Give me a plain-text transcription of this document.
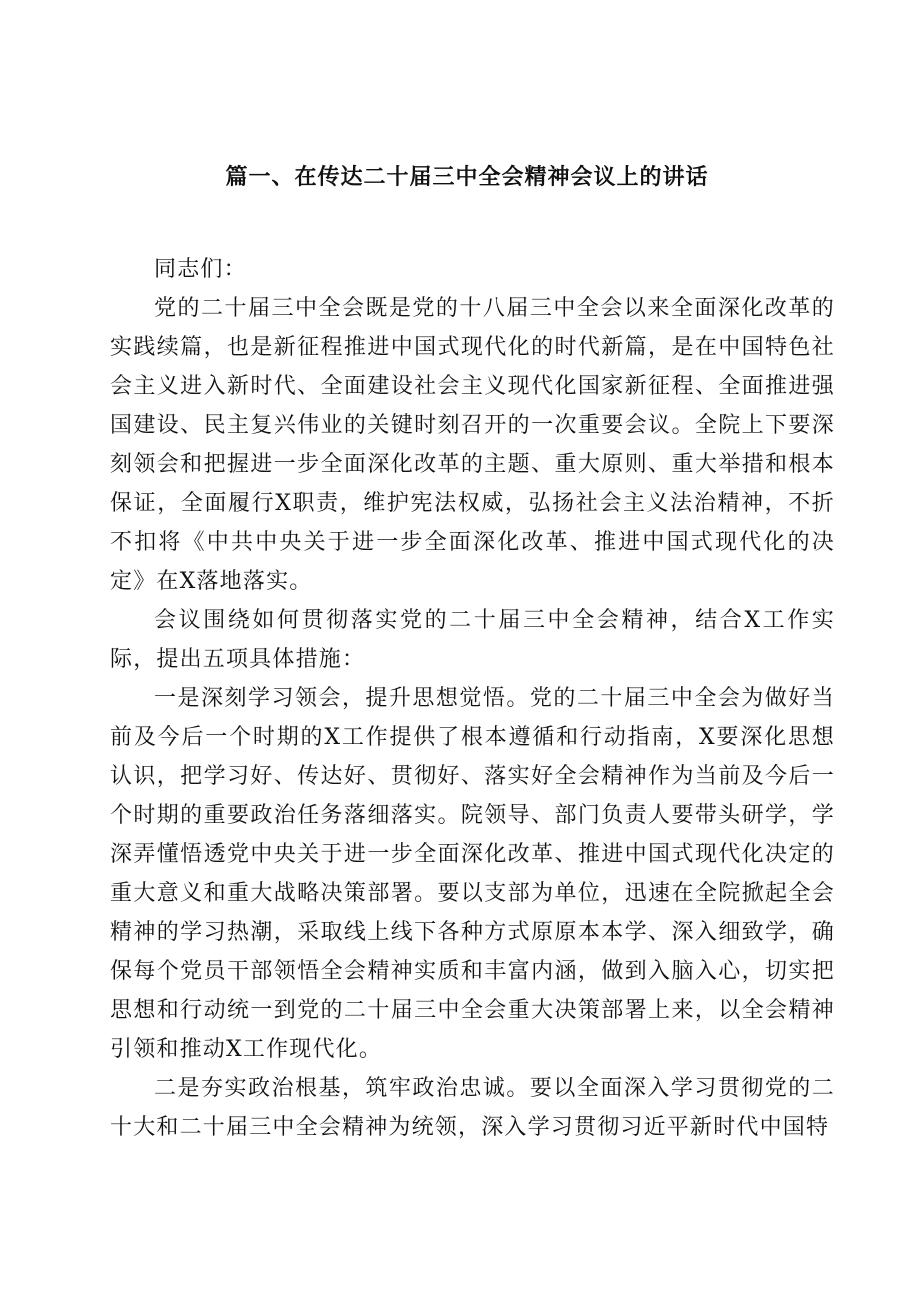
篇一、在传达二十届三中全会精神会议上的讲话

同志们：

党的二十届三中全会既是党的十八届三中全会以来全面深化改革的实践续篇，也是新征程推进中国式现代化的时代新篇，是在中国特色社会主义进入新时代、全面建设社会主义现代化国家新征程、全面推进强国建设、民主复兴伟业的关键时刻召开的一次重要会议。全院上下要深刻领会和把握进一步全面深化改革的主题、重大原则、重大举措和根本保证，全面履行X职责，维护宪法权威，弘扬社会主义法治精神，不折不扣将《中共中央关于进一步全面深化改革、推进中国式现代化的决定》在X落地落实。

会议围绕如何贯彻落实党的二十届三中全会精神，结合X工作实际，提出五项具体措施：

一是深刻学习领会，提升思想觉悟。党的二十届三中全会为做好当前及今后一个时期的X工作提供了根本遵循和行动指南，X要深化思想认识，把学习好、传达好、贯彻好、落实好全会精神作为当前及今后一个时期的重要政治任务落细落实。院领导、部门负责人要带头研学，学深弄懂悟透党中央关于进一步全面深化改革、推进中国式现代化决定的重大意义和重大战略决策部署。要以支部为单位，迅速在全院掀起全会精神的学习热潮，采取线上线下各种方式原原本本学、深入细致学，确保每个党员干部领悟全会精神实质和丰富内涵，做到入脑入心，切实把思想和行动统一到党的二十届三中全会重大决策部署上来，以全会精神引领和推动X工作现代化。

二是夯实政治根基，筑牢政治忠诚。要以全面深入学习贯彻党的二十大和二十届三中全会精神为统领，深入学习贯彻习近平新时代中国特
